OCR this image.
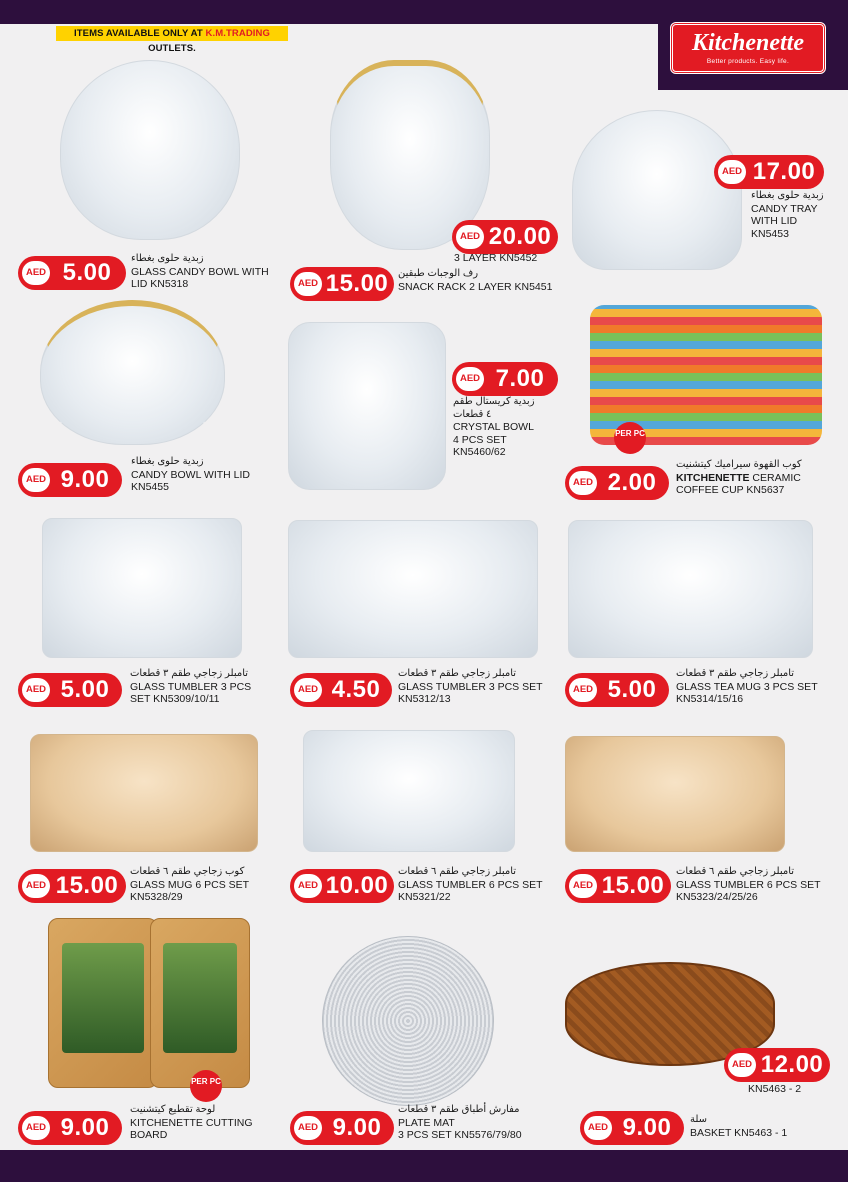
ITEMS AVAILABLE ONLY AT K.M.TRADING OUTLETS.	Kitchenette
Better products. Easy life.
AED 5.00
زبدية حلوى بغطاء
GLASS CANDY BOWL WITH
LID KN5318
AED 20.00
3 LAYER KN5452
AED 15.00 رف الوجبات طبقين
SNACK RACK 2 LAYER KN5451
AED 17.00
زبدية حلوى بغطاء
CANDY TRAY
WITH LID
KN5453
AED 9.00
زبدية حلوى بغطاء
CANDY BOWL WITH LID
KN5455
AED 7.00
زبدية كريستال طقم
٤ قطعات
CRYSTAL BOWL
4 PCS SET
KN5460/62
PER PC
AED 2.00
كوب القهوة سيراميك كيتشنيت
KITCHENETTE CERAMIC
COFFEE CUP KN5637
AED 5.00
تامبلر زجاجي طقم ٣ قطعات
GLASS TUMBLER 3 PCS
SET KN5309/10/11
AED 4.50
تامبلر زجاجي طقم ٣ قطعات
GLASS TUMBLER 3 PCS SET
KN5312/13
AED 5.00
تامبلر زجاجي طقم ٣ قطعات
GLASS TEA MUG 3 PCS SET
KN5314/15/16
AED 15.00
كوب زجاجي طقم ٦ قطعات
GLASS MUG 6 PCS SET
KN5328/29
AED 10.00
تامبلر زجاجي طقم ٦ قطعات
GLASS TUMBLER 6 PCS SET
KN5321/22
AED 15.00
تامبلر زجاجي طقم ٦ قطعات
GLASS TUMBLER 6 PCS SET
KN5323/24/25/26
PER PC
AED 9.00
لوحة تقطيع كيتشنيت
KITCHENETTE CUTTING
BOARD
AED 9.00
مفارش أطباق طقم ٣ قطعات
PLATE MAT
3 PCS SET KN5576/79/80
AED 12.00
KN5463 - 2
AED 9.00	سلة
BASKET KN5463 - 1
